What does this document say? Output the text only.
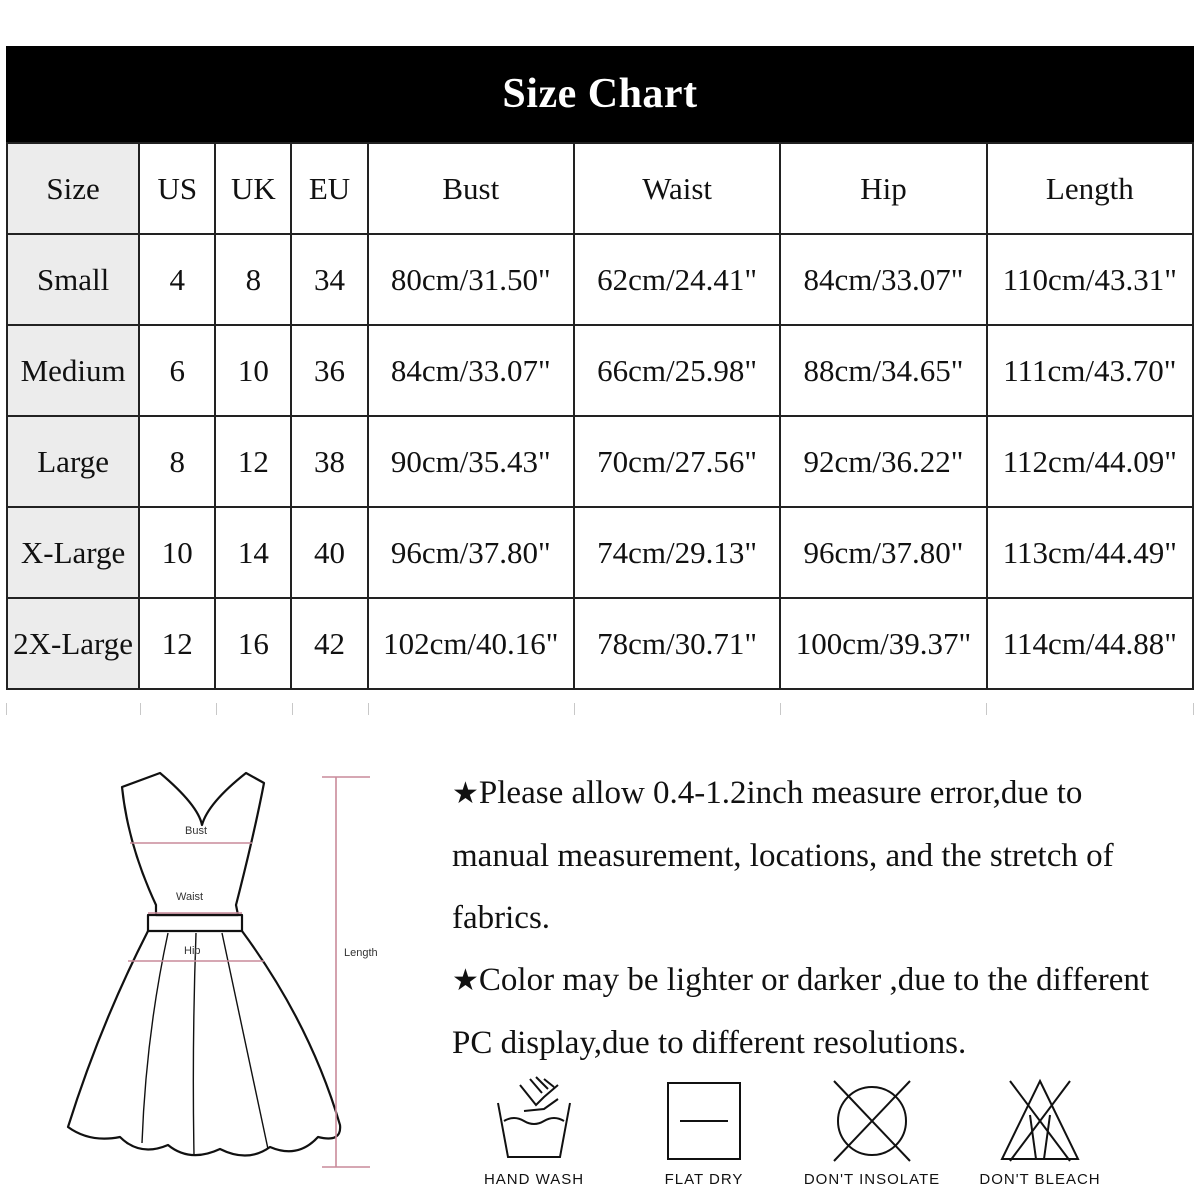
Size Chart
Size	US	UK	EU	Bust	Waist	Hip	Length
Small	4	8	34	80cm/31.50"	62cm/24.41"	84cm/33.07"	110cm/43.31"
Medium	6	10	36	84cm/33.07"	66cm/25.98"	88cm/34.65"	111cm/43.70"
Large	8	12	38	90cm/35.43"	70cm/27.56"	92cm/36.22"	112cm/44.09"
X-Large	10	14	40	96cm/37.80"	74cm/29.13"	96cm/37.80"	113cm/44.49"
2X-Large	12	16	42	102cm/40.16"	78cm/30.71"	100cm/39.37"	114cm/44.88"
Bust
Waist
Hip	Length

★Please allow 0.4-1.2inch measure error,due to manual measurement, locations, and the stretch of fabrics.

★Color may be lighter or darker ,due to the different PC display,due to different resolutions.

HAND WASH	FLAT DRY	DON'T INSOLATE	DON'T BLEACH
